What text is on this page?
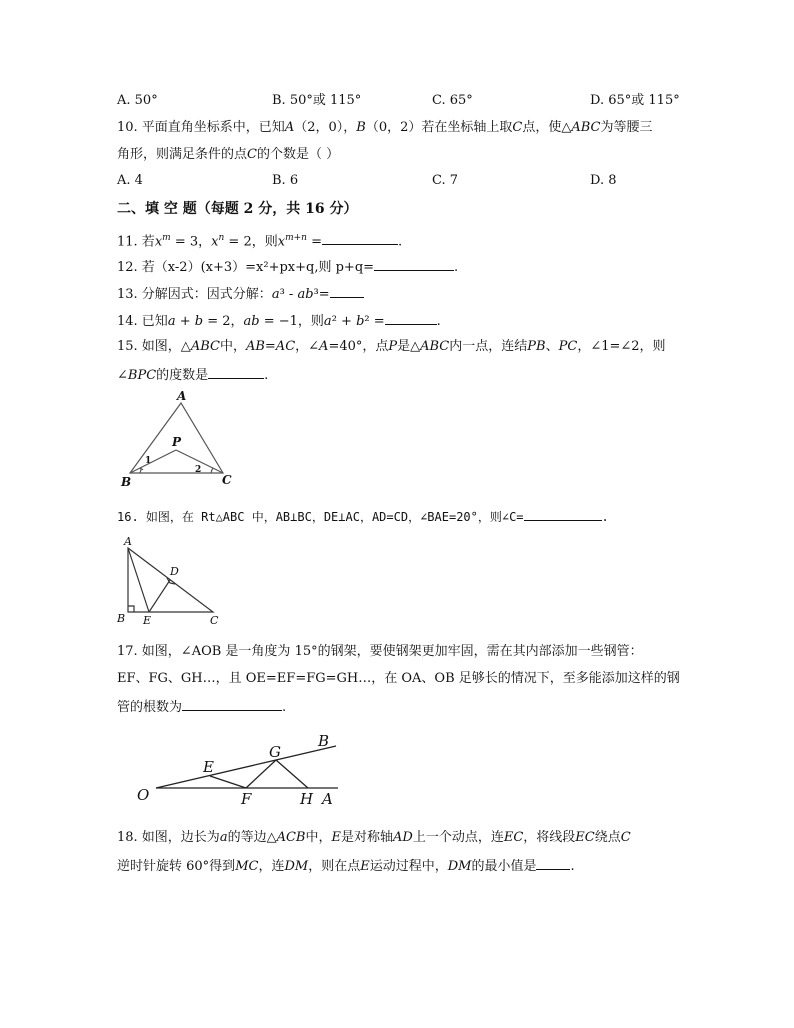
A. 50°	B. 50°或 115°	C. 65°	D. 65°或 115°
10. 平面直角坐标系中，已知A（2，0），B（0，2）若在坐标轴上取C点，使△ABC为等腰三
角形，则满足条件的点C的个数是（ ）
A. 4	B. 6	C. 7	D. 8
二、填 空 题（每题 2 分，共 16 分）
11. 若$x^m = 3$，$x^n = 2$，则$x^{m+n}$ =	.
12. 若（x-2）(x+3）=x²+px+q,则 p+q=	.
13. 分解因式：因式分解：a³ - ab³=
14. 已知a + b = 2，ab = −1，则a² + b² =	.
15. 如图，△ABC中，AB=AC，∠A=40°，点P是△ABC内一点，连结PB、PC，∠1=∠2，则
∠BPC的度数是	.
A
P
B	C
1
2
16. 如图，在 Rt△ABC 中，AB⊥BC，DE⊥AC，AD=CD，∠BAE=20°，则∠C=	.
A
D
B E	C
17. 如图，∠AOB 是一角度为 15°的钢架，要使钢架更加牢固，需在其内部添加一些钢管：
EF、FG、GH…，且 OE=EF=FG=GH…，在 OA、OB 足够长的情况下，至多能添加这样的钢
管的根数为	.
O
E
F
G
H A
B
18. 如图，边长为a的等边△ACB中，E是对称轴AD上一个动点，连EC，将线段EC绕点C
逆时针旋转 60°得到MC，连DM，则在点E运动过程中，DM的最小值是	.
